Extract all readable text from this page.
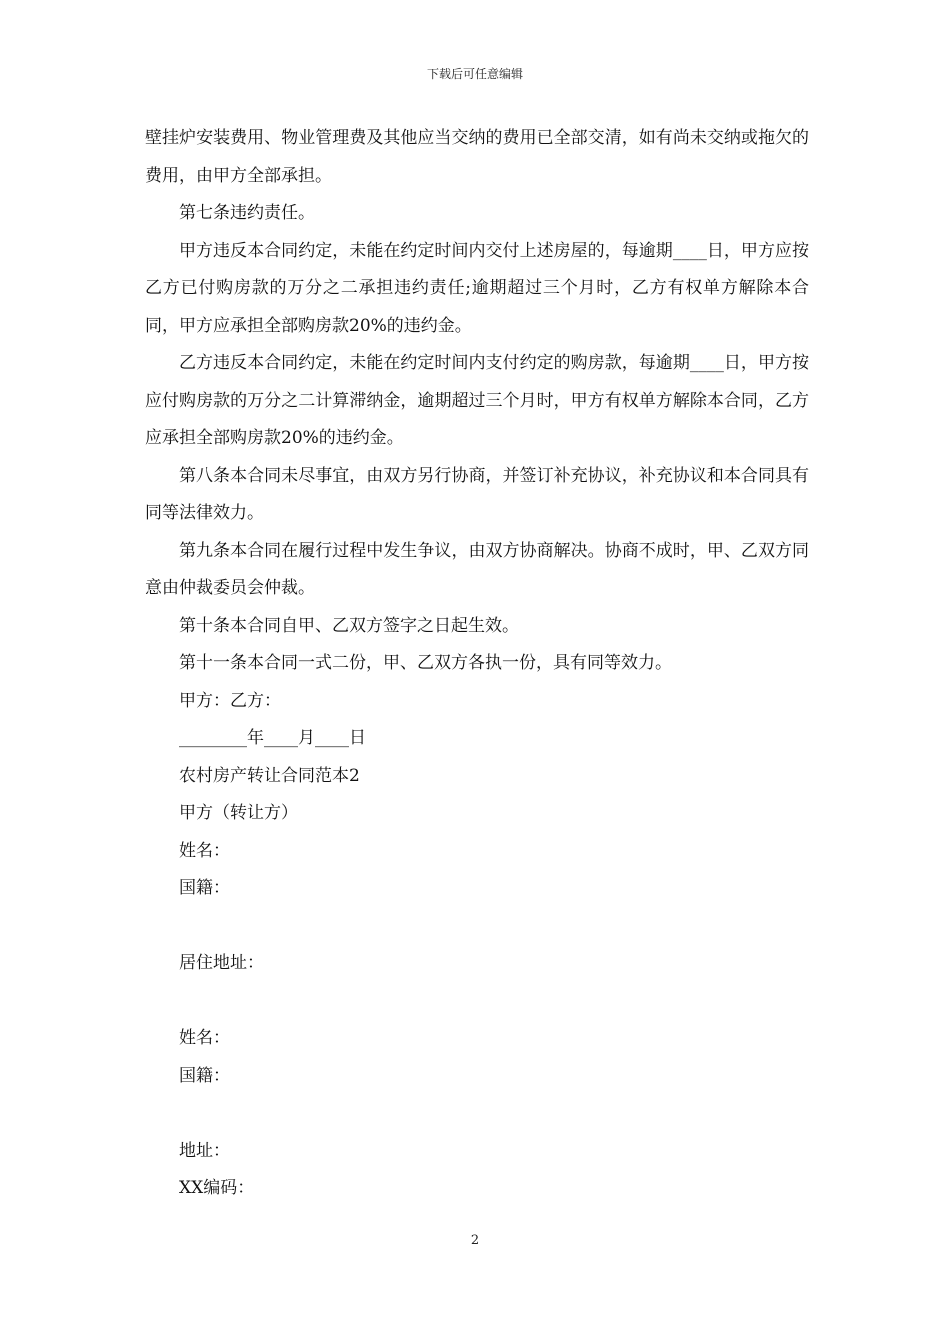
下载后可任意编辑

壁挂炉安装费用、物业管理费及其他应当交纳的费用已全部交清，如有尚未交纳或拖欠的费用，由甲方全部承担。

第七条违约责任。

甲方违反本合同约定，未能在约定时间内交付上述房屋的，每逾期____日，甲方应按乙方已付购房款的万分之二承担违约责任;逾期超过三个月时，乙方有权单方解除本合同，甲方应承担全部购房款20%的违约金。

乙方违反本合同约定，未能在约定时间内支付约定的购房款，每逾期____日，甲方按应付购房款的万分之二计算滞纳金，逾期超过三个月时，甲方有权单方解除本合同，乙方应承担全部购房款20%的违约金。

第八条本合同未尽事宜，由双方另行协商，并签订补充协议，补充协议和本合同具有同等法律效力。

第九条本合同在履行过程中发生争议，由双方协商解决。协商不成时，甲、乙双方同意由仲裁委员会仲裁。

第十条本合同自甲、乙双方签字之日起生效。

第十一条本合同一式二份，甲、乙双方各执一份，具有同等效力。

甲方：乙方：

________年____月____日

农村房产转让合同范本2

甲方（转让方）

姓名：

国籍：

居住地址：

姓名：

国籍：

地址：

XX编码：

2
